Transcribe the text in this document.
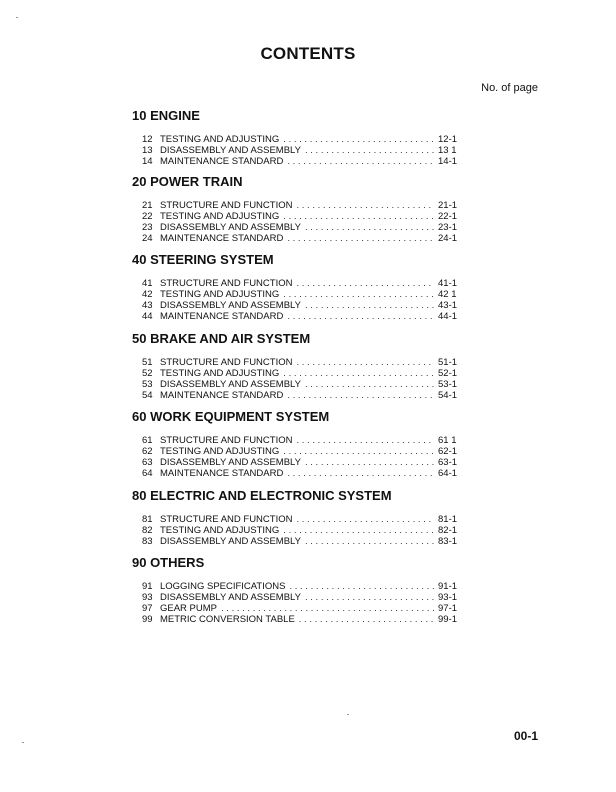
CONTENTS
No. of page
10 ENGINE
12 TESTING AND ADJUSTING . . .	12-1
13 DISASSEMBLY AND ASSEMBLY . . .	13 1
14 MAINTENANCE STANDARD . . .	14-1
20 POWER TRAIN
21 STRUCTURE AND FUNCTION . . .	21-1
22 TESTING AND ADJUSTING . . .	22-1
23 DISASSEMBLY AND ASSEMBLY . . .	23-1
24 MAINTENANCE STANDARD . . .	24-1
40 STEERING SYSTEM
41 STRUCTURE AND FUNCTION . . .	41-1
42 TESTING AND ADJUSTING . . .	42 1
43 DISASSEMBLY AND ASSEMBLY . . .	43-1
44 MAINTENANCE STANDARD . . .	44-1
50 BRAKE AND AIR SYSTEM
51 STRUCTURE AND FUNCTION . . .	51-1
52 TESTING AND ADJUSTING . . .	52-1
53 DISASSEMBLY AND ASSEMBLY . . .	53-1
54 MAINTENANCE STANDARD . . .	54-1
60 WORK EQUIPMENT SYSTEM
61 STRUCTURE AND FUNCTION . . .	61 1
62 TESTING AND ADJUSTING . . .	62-1
63 DISASSEMBLY AND ASSEMBLY . . .	63-1
64 MAINTENANCE STANDARD . . .	64-1
80 ELECTRIC AND ELECTRONIC SYSTEM
81 STRUCTURE AND FUNCTION . . .	81-1
82 TESTING AND ADJUSTING . . .	82-1
83 DISASSEMBLY AND ASSEMBLY . . .	83-1
90 OTHERS
91 LOGGING SPECIFICATIONS . . .	91-1
93 DISASSEMBLY AND ASSEMBLY . . .	93-1
97 GEAR PUMP . . .	97-1
99 METRIC CONVERSION TABLE . . .	99-1
00-1
